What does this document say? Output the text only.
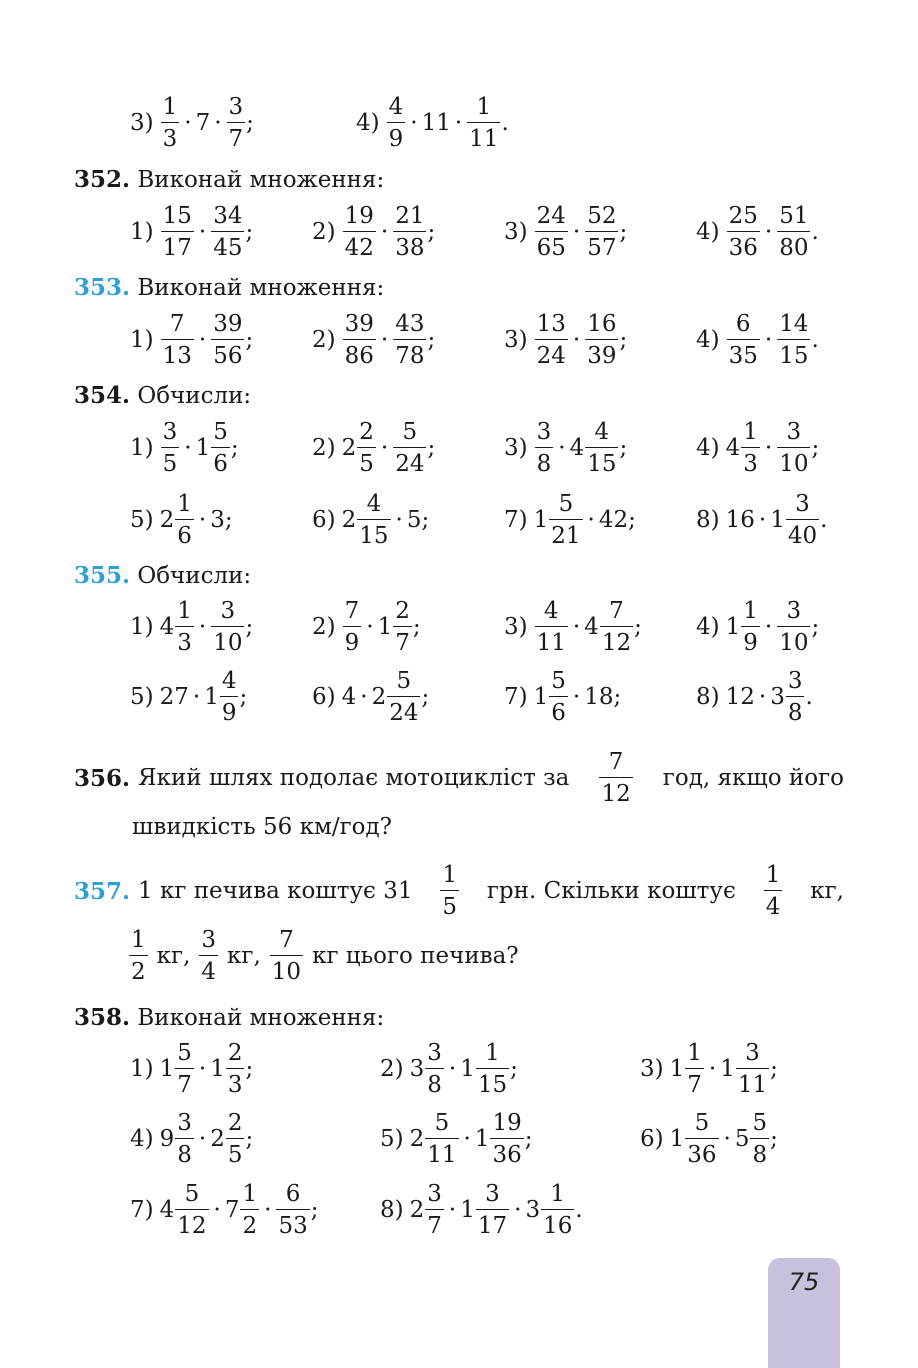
$3) \frac{1}{3} \cdot 7 \cdot \frac{3}{7}$ ;	$4) \frac{4}{9} \cdot 11 \cdot \frac{1}{11}$ .
352. Виконай множення:
$1) \frac{15}{17} \cdot \frac{34}{45}$ ;	$2) \frac{19}{42} \cdot \frac{21}{38}$ ;	$3) \frac{24}{65} \cdot \frac{52}{57}$ ;	$4) \frac{25}{36} \cdot \frac{51}{80}$ .
353. Виконай множення:
$1) \frac{7}{13} \cdot \frac{39}{56}$ ;	$2) \frac{39}{86} \cdot \frac{43}{78}$ ;	$3) \frac{13}{24} \cdot \frac{16}{39}$ ;	$4) \frac{6}{35} \cdot \frac{14}{15}$ .
354. Обчисли:
$1) \frac{3}{5} \cdot 1 \frac{5}{6}$ ;	2) $2 \frac{2}{5} \cdot \frac{5}{24}$ ;	$3) \frac{3}{8} \cdot 4 \frac{4}{15}$ ;	4) $4 \frac{1}{3} \cdot \frac{3}{10}$ ;
5) $2 \frac{1}{6} \cdot 3$;	6) $2 \frac{4}{15} \cdot 5$;	7) $1 \frac{5}{21} \cdot 42$;	8) $16 \cdot 1 \frac{3}{40}$ .
355. Обчисли:
1) $4 \frac{1}{3} \cdot \frac{3}{10}$ ;	$2) \frac{7}{9} \cdot 1 \frac{2}{7}$ ;	$3) \frac{4}{11} \cdot 4 \frac{7}{12}$ ; 4) $1 \frac{1}{9} \cdot \frac{3}{10}$ ;
5) $27 \cdot 1 \frac{4}{9}$ ;	6) $4 \cdot 2 \frac{5}{24}$ ;	7) $1 \frac{5}{6} \cdot 18$;	8) $12 \cdot 3 \frac{3}{8}$ .
356. Який шлях подолає мотоцикліст за $\frac{7}{12}$ год, якщо його
швидкість 56 км/год?
357. 1 кг печива коштує $31 \frac{1}{5}$ грн. Скільки коштує $\frac{1}{4}$ кг,
$\frac{1}{2}$ кг, $\frac{3}{4}$ кг, $\frac{7}{10}$ кг цього печива?
358. Виконай множення:
1) $1 \frac{5}{7} \cdot 1 \frac{2}{3}$ ;	2) $3 \frac{3}{8} \cdot 1 \frac{1}{15}$ ;	3) $1 \frac{1}{7} \cdot 1 \frac{3}{11}$ ;
4) $9 \frac{3}{8} \cdot 2 \frac{2}{5}$ ;	5) $2 \frac{5}{11} \cdot 1 \frac{19}{36}$ ;	6) $1 \frac{5}{36} \cdot 5 \frac{5}{8}$ ;
7) $4 \frac{5}{12} \cdot 7 \frac{1}{2} \cdot \frac{6}{53}$ ;	8) $2 \frac{3}{7} \cdot 1 \frac{3}{17} \cdot 3 \frac{1}{16}$ .
75
